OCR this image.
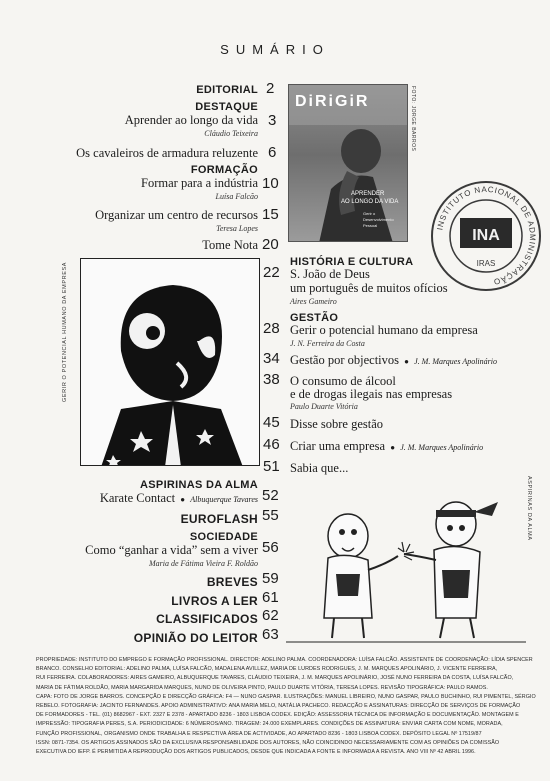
SUMÁRIO
EDITORIAL 2
DESTAQUE
Aprender ao longo da vida
Cláudio Teixeira
3
Os cavaleiros de armadura reluzente 6
FORMAÇÃO
Formar para a indústria
Luísa Falcão
10
Organizar um centro de recursos
Teresa Lopes
15
Tome Nota 20
DiRiGiR
APRENDER
AO LONGO DA VIDA
Gerir o
Desenvolvimento
Pessoal
FOTO: JORGE BARROS
INSTITUTO NACIONAL DE ADMINISTRAÇÃO
INA
IRAS
GERIR O POTENCIAL HUMANO DA EMPRESA	HISTÓRIA E CULTURA
22 S. João de Deus
um português de muitos ofícios
Aires Gameiro
GESTÃO
28 Gerir o potencial humano da empresa
J. N. Ferreira da Costa
34 Gestão por objectivos  ●  J. M. Marques Apolinário
38 O consumo de álcool
e de drogas ilegais nas empresas
Paulo Duarte Vitória
45 Disse sobre gestão
46 Criar uma empresa  ●  J. M. Marques Apolinário
51 Sabia que...
ASPIRINAS DA ALMA
Karate Contact  ●  Albuquerque Tavares 52
EUROFLASH 55
SOCIEDADE
Como “ganhar a vida” sem a viver
Maria de Fátima Vieira F. Roldão
56
BREVES 59
LIVROS A LER 61
CLASSIFICADOS 62
OPINIÃO DO LEITOR 63
ASPIRINAS DA ALMA
PROPRIEDADE: INSTITUTO DO EMPREGO E FORMAÇÃO PROFISSIONAL. DIRECTOR: ADELINO PALMA. COORDENADORA: LUÍSA FALCÃO. ASSISTENTE DE COORDENAÇÃO: LÍDIA SPENCER
BRANCO. CONSELHO EDITORIAL: ADELINO PALMA, LUÍSA FALCÃO, MADALENA AVILLEZ, MARIA DE LURDES RODRIGUES, J. M. MARQUES APOLINÁRIO, J. VICENTE FERREIRA,
RUI FERREIRA. COLABORADORES: AIRES GAMEIRO, ALBUQUERQUE TAVARES, CLÁUDIO TEIXEIRA, J. M. MARQUES APOLINÁRIO, JOSÉ NUNO FERREIRA DA COSTA, LUÍSA FALCÃO,
MARIA DE FÁTIMA ROLDÃO, MARIA MARGARIDA MARQUES, NUNO DE OLIVEIRA PINTO, PAULO DUARTE VITÓRIA, TERESA LOPES. REVISÃO TIPOGRÁFICA: PAULO RAMOS.
CAPA: FOTO DE JORGE BARROS. CONCEPÇÃO E DIRECÇÃO GRÁFICA: F4 — NUNO GASPAR. ILUSTRAÇÕES: MANUEL LIBREIRO, NUNO GASPAR, PAULO BUCHINHO, RUI PIMENTEL, SÉRGIO
REBELO. FOTOGRAFIA: JACINTO FERNANDES. APOIO ADMINISTRATIVO: ANA MARIA MELO, NATÁLIA PACHECO. REDACÇÃO E ASSINATURAS: DIRECÇÃO DE SERVIÇOS DE FORMAÇÃO
DE FORMADORES - TEL. (01) 8682967 - EXT. 2327 E 2378 - APARTADO 8236 - 1803 LISBOA CODEX. EDIÇÃO: ASSESSORIA TÉCNICA DE INFORMAÇÃO E DOCUMENTAÇÃO. MONTAGEM E
IMPRESSÃO: TIPOGRAFIA PERES, S.A. PERIODICIDADE: 6 NÚMEROS/ANO. TIRAGEM: 24.000 EXEMPLARES. CONDIÇÕES DE ASSINATURA: ENVIAR CARTA COM NOME, MORADA,
FUNÇÃO PROFISSIONAL, ORGANISMO ONDE TRABALHA E RESPECTIVA ÁREA DE ACTIVIDADE, AO APARTADO 8236 - 1803 LISBOA CODEX. DEPÓSITO LEGAL Nº 17519/87
ISSN: 0871-7354. OS ARTIGOS ASSINADOS SÃO DA EXCLUSIVA RESPONSABILIDADE DOS AUTORES, NÃO COINCIDINDO NECESSARIAMENTE COM AS OPINIÕES DA COMISSÃO
EXECUTIVA DO IEFP. É PERMITIDA A REPRODUÇÃO DOS ARTIGOS PUBLICADOS, DESDE QUE INDICADA A FONTE E INFORMADA A REVISTA. ANO VIII Nº 42 ABRIL 1996.
